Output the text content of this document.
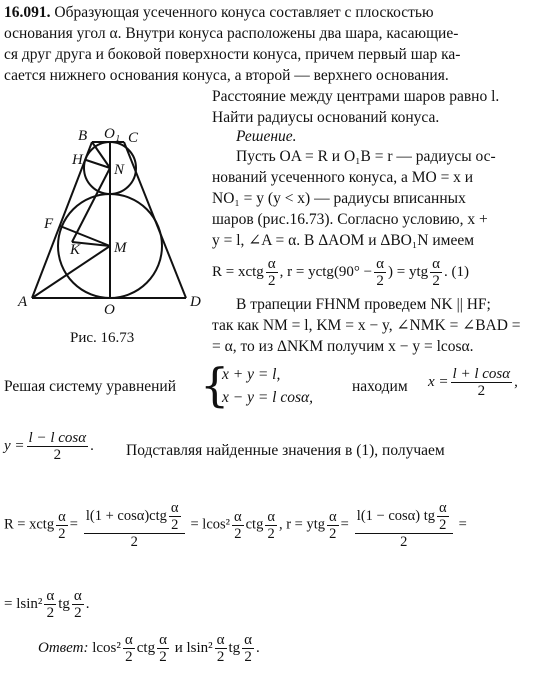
16.091. Образующая усеченного конуса составляет с плоскостью
основания угол α. Внутри конуса расположены два шара, касающие-
ся друг друга и боковой поверхности конуса, причем первый шар ка-
сается нижнего основания конуса, а второй — верхнего основания.
Расстояние между центрами шаров равно l.
Найти радиусы оснований конуса.
Решение.
Пусть OA = R и O₁B = r — радиусы ос-
нований усеченного конуса, а MO = x и
NO₁ = y (y < x) — радиусы вписанных
шаров (рис.16.73). Согласно условию, x +
y = l, ∠A = α. В ΔAOM и ΔBO₁N имеем
R = xctg $\frac{\alpha}{2}$ , r = yctg(90° − $\frac{\alpha}{2}$ ) = ytg $\frac{\alpha}{2}$ . (1)
В трапеции FHNM проведем NK || HF;
так как NM = l, KM = x − y, ∠NMK = ∠BAD =
= α, то из ΔNKM получим x − y = lcosα.
Решая систему уравнений {
x + y = l,
x − y = l cosα,
находим $x = \frac{\text{l + l cosα}}{2}$ ,
$y = \frac{\text{l − l cosα}}{2}$ . Подставляя найденные значения в (1), получаем
R = xctg $\frac{\alpha}{2} = \frac{l(1 + \cos\alpha)ctg \frac{\alpha}{2}}{2} = lcos^2 \frac{\alpha}{2}$ ctg $\frac{\alpha}{2}$ , r = ytg $\frac{\alpha}{2} = \frac{l(1 - \cos\alpha) tg \frac{\alpha}{2}}{2}$ =
= $lsin^2 \frac{\alpha}{2}$ tg $\frac{\alpha}{2}$ .
Ответ: $lcos^2 \frac{\alpha}{2}$ ctg $\frac{\alpha}{2}$ и $lsin^2 \frac{\alpha}{2}$ tg $\frac{\alpha}{2}$ .
B O₁ C
H
N
F
K M
A	O	D
Рис. 16.73
